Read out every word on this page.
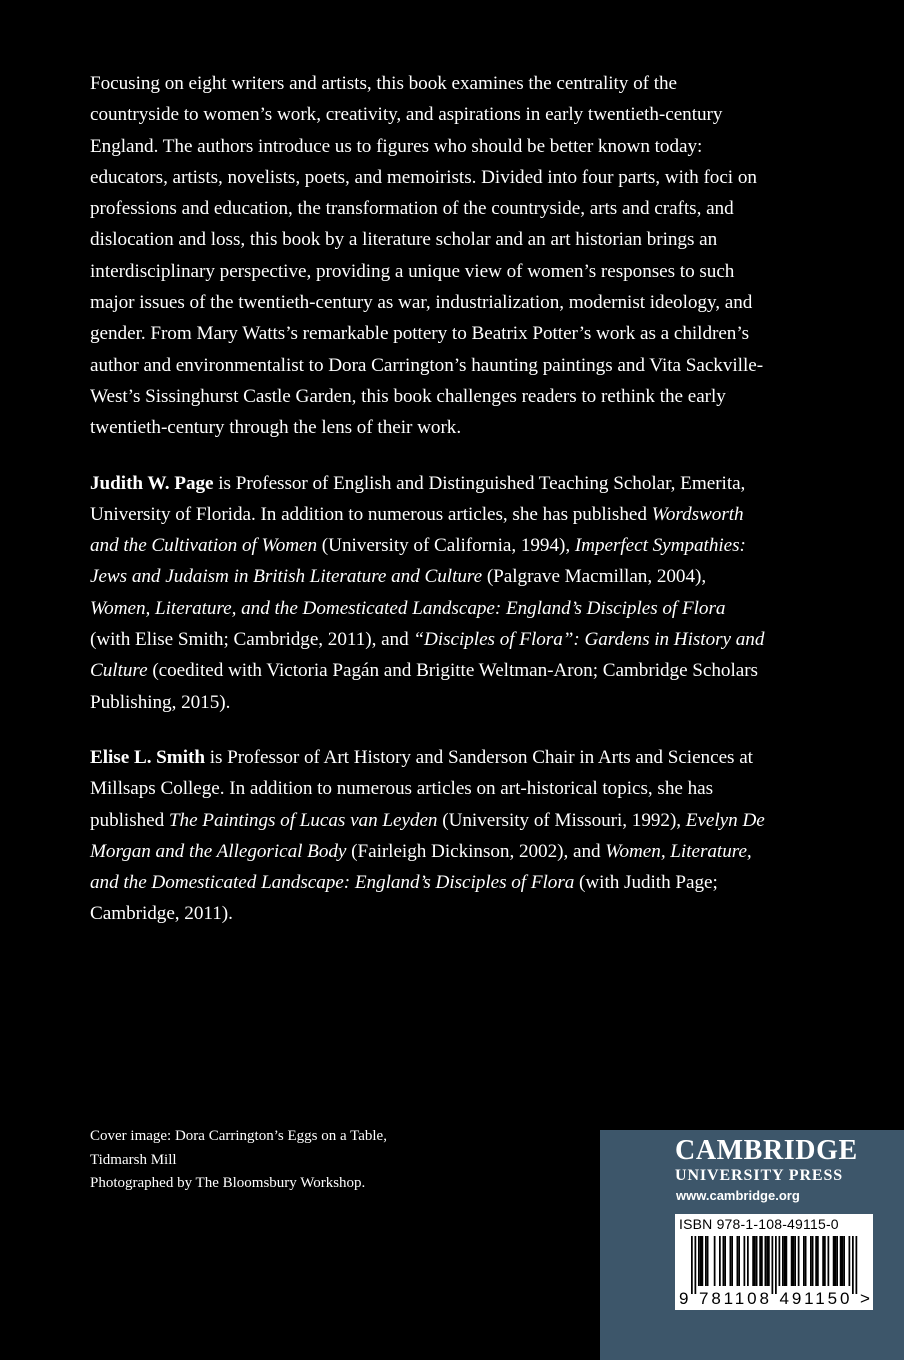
Focusing on eight writers and artists, this book examines the centrality of the countryside to women’s work, creativity, and aspirations in early twentieth-century England. The authors introduce us to figures who should be better known today: educators, artists, novelists, poets, and memoirists. Divided into four parts, with foci on professions and education, the transformation of the countryside, arts and crafts, and dislocation and loss, this book by a literature scholar and an art historian brings an interdisciplinary perspective, providing a unique view of women’s responses to such major issues of the twentieth-century as war, industrialization, modernist ideology, and gender. From Mary Watts’s remarkable pottery to Beatrix Potter’s work as a children’s author and environmentalist to Dora Carrington’s haunting paintings and Vita Sackville-West’s Sissinghurst Castle Garden, this book challenges readers to rethink the early twentieth-century through the lens of their work.

Judith W. Page is Professor of English and Distinguished Teaching Scholar, Emerita, University of Florida. In addition to numerous articles, she has published Wordsworth and the Cultivation of Women (University of California, 1994), Imperfect Sympathies: Jews and Judaism in British Literature and Culture (Palgrave Macmillan, 2004), Women, Literature, and the Domesticated Landscape: England’s Disciples of Flora (with Elise Smith; Cambridge, 2011), and “Disciples of Flora”: Gardens in History and Culture (coedited with Victoria Pagán and Brigitte Weltman-Aron; Cambridge Scholars Publishing, 2015).

Elise L. Smith is Professor of Art History and Sanderson Chair in Arts and Sciences at Millsaps College. In addition to numerous articles on art-historical topics, she has published The Paintings of Lucas van Leyden (University of Missouri, 1992), Evelyn De Morgan and the Allegorical Body (Fairleigh Dickinson, 2002), and Women, Literature, and the Domesticated Landscape: England’s Disciples of Flora (with Judith Page; Cambridge, 2011).

Cover image: Dora Carrington’s Eggs on a Table,
Tidmarsh Mill
Photographed by The Bloomsbury Workshop.
CAMBRIDGE
UNIVERSITY PRESS
www.cambridge.org
ISBN 978-1-108-49115-0
9 781108 491150 >
